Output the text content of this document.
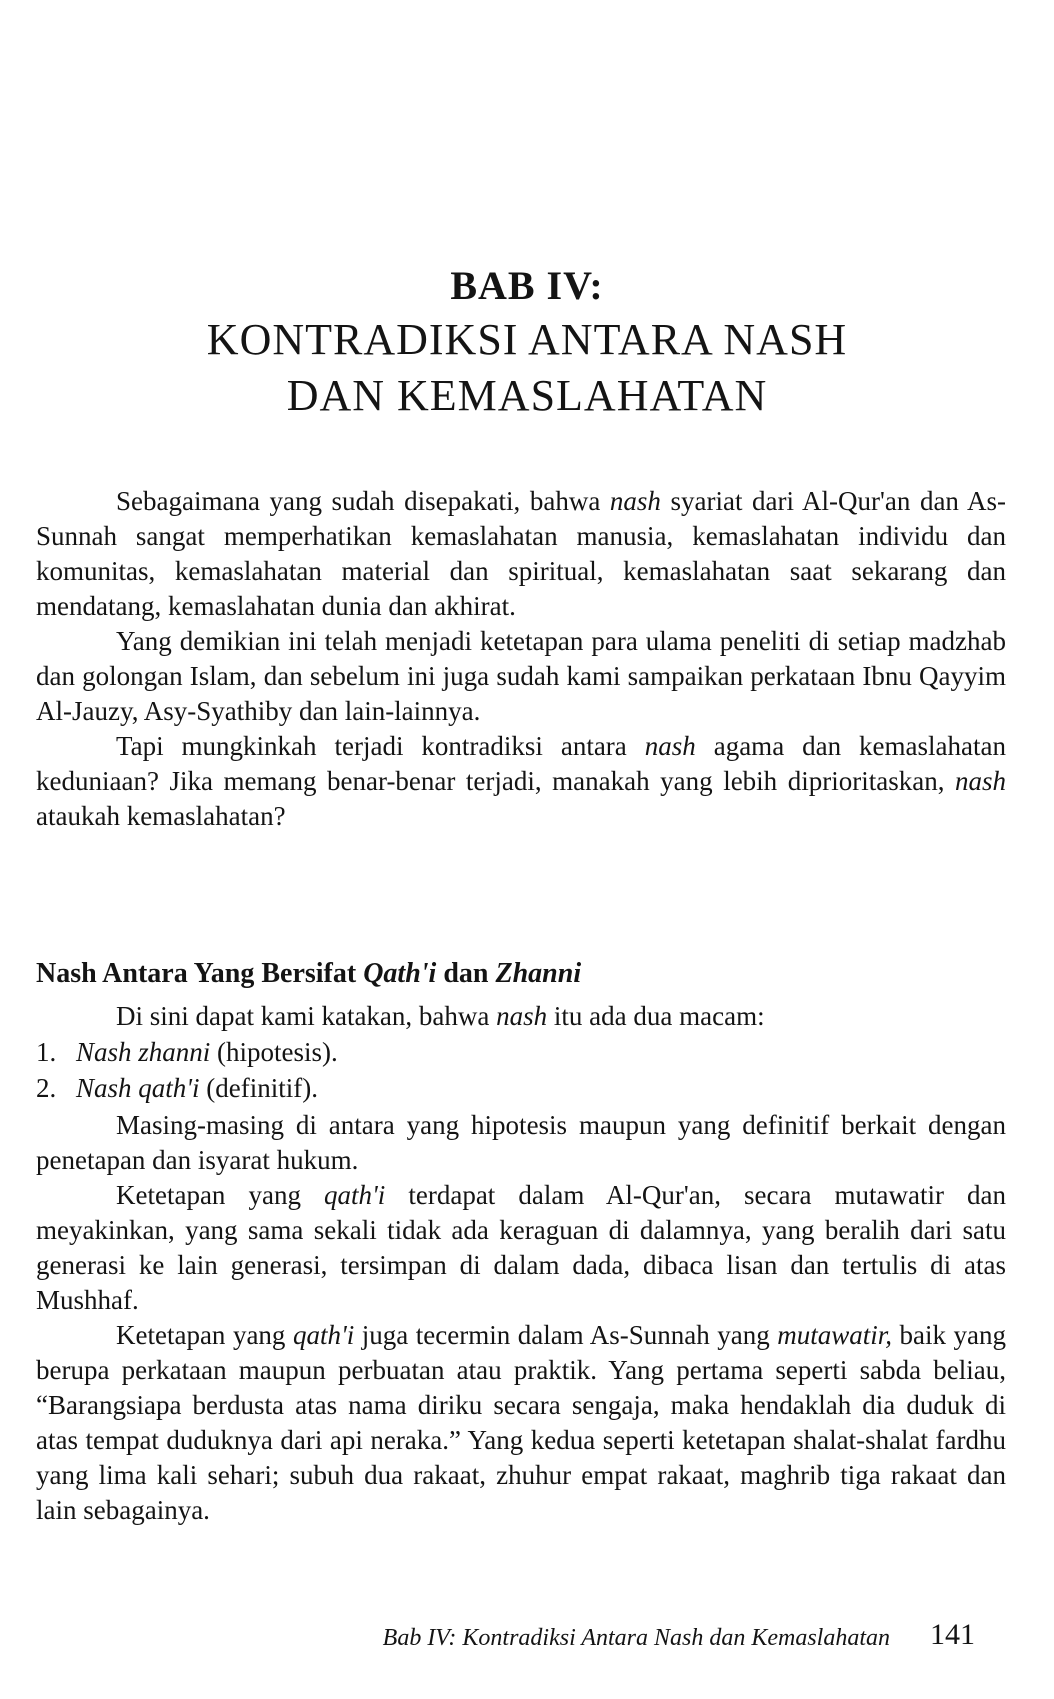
BAB IV:
KONTRADIKSI ANTARA NASH
DAN KEMASLAHATAN

Sebagaimana yang sudah disepakati, bahwa nash syariat dari Al-Qur'an dan As-Sunnah sangat memperhatikan kemaslahatan manusia, kemaslahatan individu dan komunitas, kemaslahatan material dan spiritual, kemaslahatan saat sekarang dan mendatang, kemaslahatan dunia dan akhirat.

Yang demikian ini telah menjadi ketetapan para ulama peneliti di setiap madzhab dan golongan Islam, dan sebelum ini juga sudah kami sampaikan perkataan Ibnu Qayyim Al-Jauzy, Asy-Syathiby dan lain-lainnya.

Tapi mungkinkah terjadi kontradiksi antara nash agama dan kemaslahatan keduniaan? Jika memang benar-benar terjadi, manakah yang lebih diprioritaskan, nash ataukah kemaslahatan?

Nash Antara Yang Bersifat Qath'i dan Zhanni

Di sini dapat kami katakan, bahwa nash itu ada dua macam:

1. Nash zhanni (hipotesis).
2. Nash qath'i (definitif).

Masing-masing di antara yang hipotesis maupun yang definitif berkait dengan penetapan dan isyarat hukum.

Ketetapan yang qath'i terdapat dalam Al-Qur'an, secara mutawatir dan meyakinkan, yang sama sekali tidak ada keraguan di dalamnya, yang beralih dari satu generasi ke lain generasi, tersimpan di dalam dada, dibaca lisan dan tertulis di atas Mushhaf.

Ketetapan yang qath'i juga tecermin dalam As-Sunnah yang mutawatir, baik yang berupa perkataan maupun perbuatan atau praktik. Yang pertama seperti sabda beliau, “Barangsiapa berdusta atas nama diriku secara sengaja, maka hendaklah dia duduk di atas tempat duduknya dari api neraka.” Yang kedua seperti ketetapan shalat-shalat fardhu yang lima kali sehari; subuh dua rakaat, zhuhur empat rakaat, maghrib tiga rakaat dan lain sebagainya.

Bab IV: Kontradiksi Antara Nash dan Kemaslahatan 141
